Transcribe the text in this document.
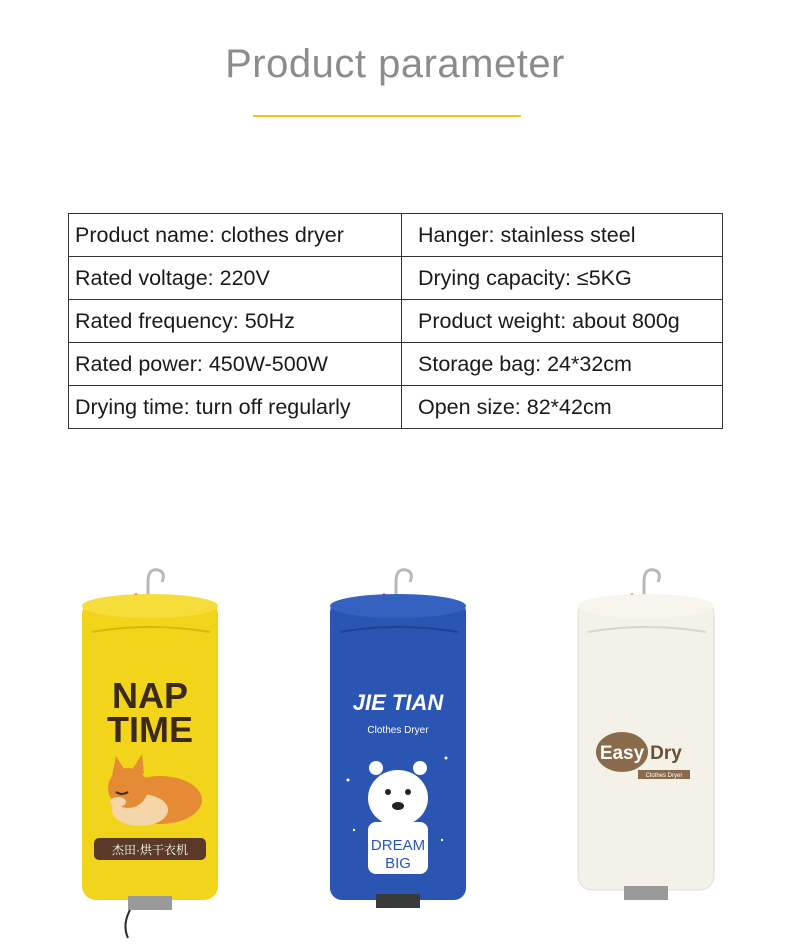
Product parameter
Product name: clothes dryer	Hanger: stainless steel
Rated voltage: 220V	Drying capacity: ≤5KG
Rated frequency: 50Hz	Product weight: about 800g
Rated power: 450W-500W	Storage bag: 24*32cm
Drying time: turn off regularly	Open size: 82*42cm
NAP
TIME
杰田·烘干衣机
JIE TIAN
Clothes Dryer
DREAM
BIG
Easy Dry
Clothes Dryer
